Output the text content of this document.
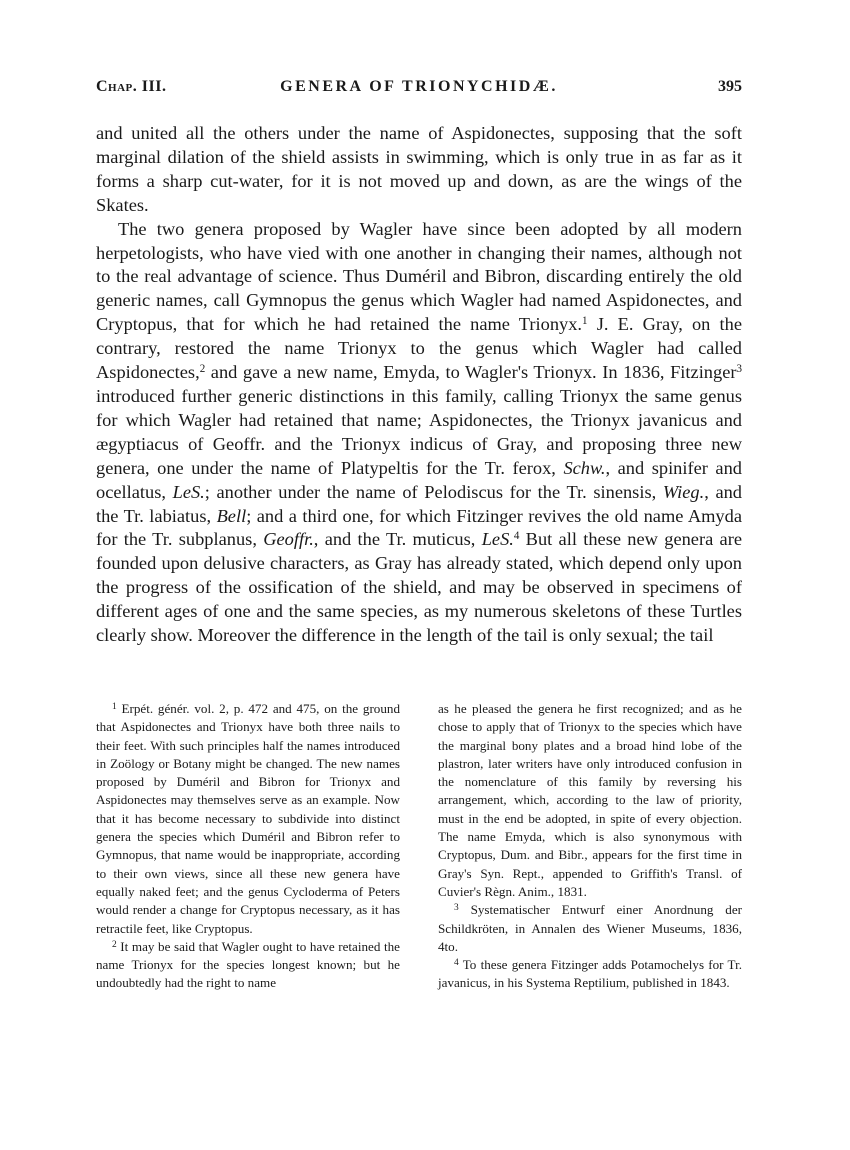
Chap. III.	GENERA OF TRIONYCHIDÆ.	395

and united all the others under the name of Aspidonectes, supposing that the soft marginal dilation of the shield assists in swimming, which is only true in as far as it forms a sharp cut-water, for it is not moved up and down, as are the wings of the Skates.

The two genera proposed by Wagler have since been adopted by all modern herpetologists, who have vied with one another in changing their names, although not to the real advantage of science. Thus Duméril and Bibron, discarding entirely the old generic names, call Gymnopus the genus which Wagler had named Aspidonectes, and Cryptopus, that for which he had retained the name Trionyx.$^1$ J. E. Gray, on the contrary, restored the name Trionyx to the genus which Wagler had called Aspidonectes,$^2$ and gave a new name, Emyda, to Wagler's Trionyx. In 1836, Fitzinger$^3$ introduced further generic distinctions in this family, calling Trionyx the same genus for which Wagler had retained that name; Aspidonectes, the Trionyx javanicus and ægyptiacus of Geoffr. and the Trionyx indicus of Gray, and proposing three new genera, one under the name of Platypeltis for the Tr. ferox, Schw., and spinifer and ocellatus, LeS.; another under the name of Pelodiscus for the Tr. sinensis, Wieg., and the Tr. labiatus, Bell; and a third one, for which Fitzinger revives the old name Amyda for the Tr. subplanus, Geoffr., and the Tr. muticus, LeS.$^4$ But all these new genera are founded upon delusive characters, as Gray has already stated, which depend only upon the progress of the ossification of the shield, and may be observed in specimens of different ages of one and the same species, as my numerous skeletons of these Turtles clearly show. Moreover the difference in the length of the tail is only sexual; the tail

$^1$ Erpét. génér. vol. 2, p. 472 and 475, on the ground that Aspidonectes and Trionyx have both three nails to their feet. With such principles half the names introduced in Zoölogy or Botany might be changed. The new names proposed by Duméril and Bibron for Trionyx and Aspidonectes may themselves serve as an example. Now that it has become necessary to subdivide into distinct genera the species which Duméril and Bibron refer to Gymnopus, that name would be inappropriate, according to their own views, since all these new genera have equally naked feet; and the genus Cycloderma of Peters would render a change for Cryptopus necessary, as it has retractile feet, like Cryptopus.

$^2$ It may be said that Wagler ought to have retained the name Trionyx for the species longest known; but he undoubtedly had the right to name

as he pleased the genera he first recognized; and as he chose to apply that of Trionyx to the species which have the marginal bony plates and a broad hind lobe of the plastron, later writers have only introduced confusion in the nomenclature of this family by reversing his arrangement, which, according to the law of priority, must in the end be adopted, in spite of every objection. The name Emyda, which is also synonymous with Cryptopus, Dum. and Bibr., appears for the first time in Gray's Syn. Rept., appended to Griffith's Transl. of Cuvier's Règn. Anim., 1831.

$^3$ Systematischer Entwurf einer Anordnung der Schildkröten, in Annalen des Wiener Museums, 1836, 4to.

$^4$ To these genera Fitzinger adds Potamochelys for Tr. javanicus, in his Systema Reptilium, published in 1843.
